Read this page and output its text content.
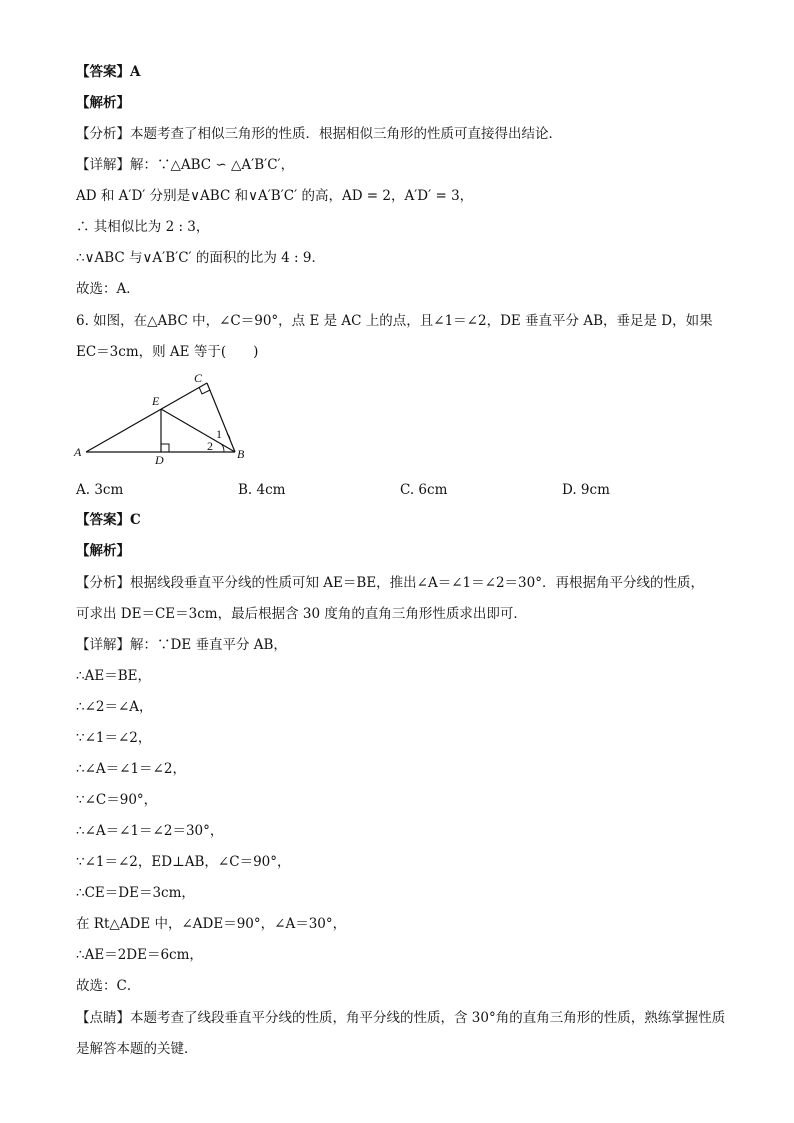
【答案】A
【解析】
【分析】本题考查了相似三角形的性质．根据相似三角形的性质可直接得出结论．
【详解】解：∵△ABC ∽ △A′B′C′，
AD 和 A′D′ 分别是∨ABC 和∨A′B′C′ 的高，AD = 2，A′D′ = 3，
∴ 其相似比为 2 : 3，
∴∨ABC 与∨A′B′C′ 的面积的比为 4 : 9．
故选：A．
6. 如图，在△ABC 中，∠C＝90°，点 E 是 AC 上的点，且∠1＝∠2，DE 垂直平分 AB，垂足是 D，如果
EC＝3cm，则 AE 等于(　　)
A	B
C
D
E
1
2
A. 3cm	B. 4cm	C. 6cm	D. 9cm
【答案】C
【解析】
【分析】根据线段垂直平分线的性质可知 AE＝BE，推出∠A＝∠1＝∠2＝30°．再根据角平分线的性质，
可求出 DE＝CE＝3cm，最后根据含 30 度角的直角三角形性质求出即可．
【详解】解：∵DE 垂直平分 AB，
∴AE＝BE，
∴∠2＝∠A，
∵∠1＝∠2，
∴∠A＝∠1＝∠2，
∵∠C＝90°，
∴∠A＝∠1＝∠2＝30°，
∵∠1＝∠2，ED⊥AB，∠C＝90°，
∴CE＝DE＝3cm，
在 Rt△ADE 中，∠ADE＝90°，∠A＝30°，
∴AE＝2DE＝6cm，
故选：C．
【点睛】本题考查了线段垂直平分线的性质，角平分线的性质，含 30°角的直角三角形的性质，熟练掌握性质是解答本题的关键．
